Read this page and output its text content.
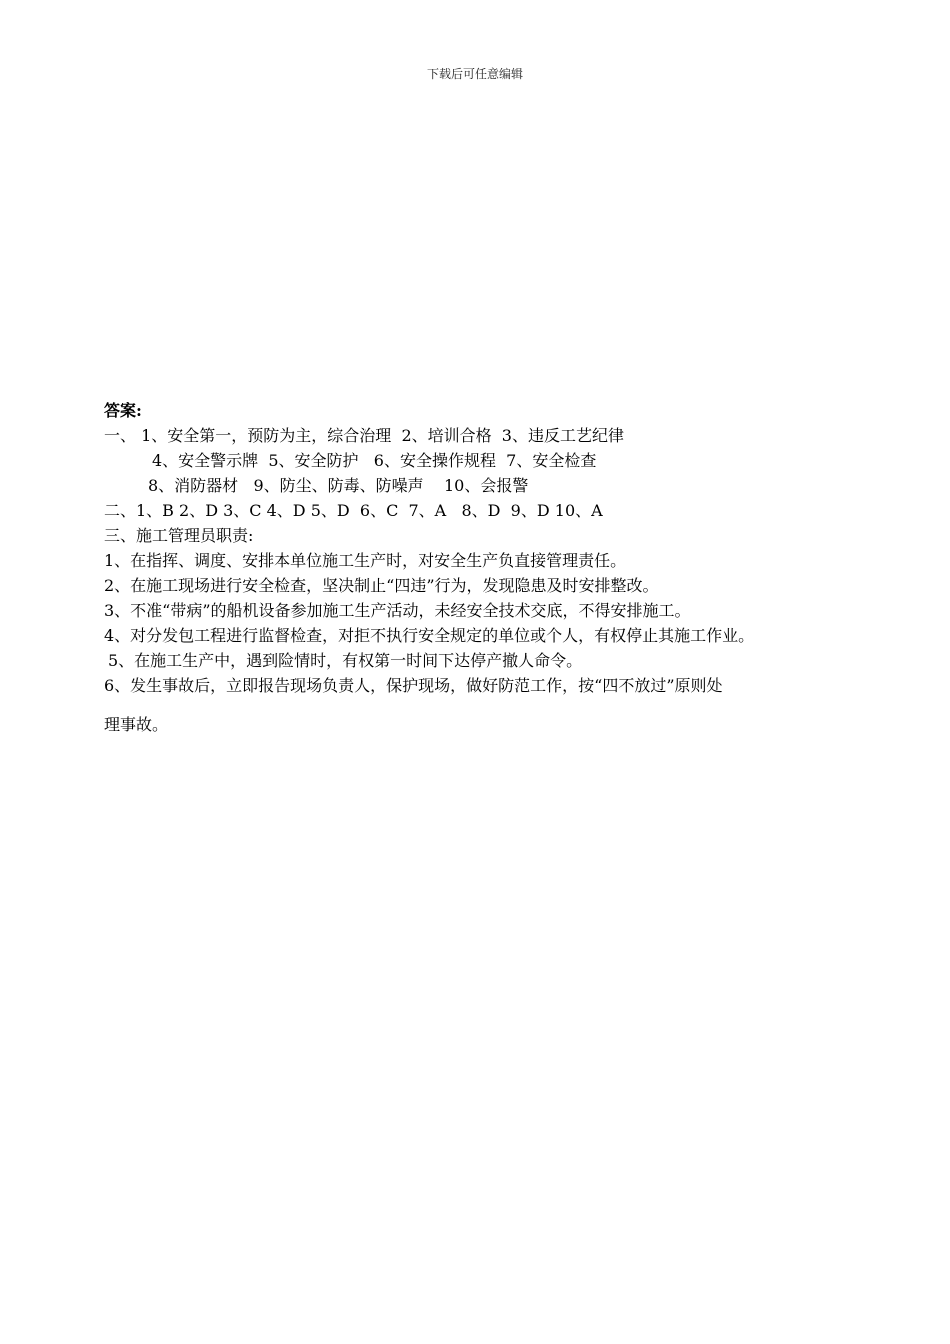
下载后可任意编辑
答案:
一、 1、安全第一，预防为主，综合治理  2、培训合格  3、违反工艺纪律
4、安全警示牌  5、安全防护   6、安全操作规程  7、安全检查
8、消防器材   9、防尘、防毒、防噪声    10、会报警
二、1、B 2、D 3、C 4、D 5、D  6、C  7、A   8、D  9、D 10、A
三、施工管理员职责:
1、在指挥、调度、安排本单位施工生产时，对安全生产负直接管理责任。
2、在施工现场进行安全检查，坚决制止“四违”行为，发现隐患及时安排整改。
3、不准“带病”的船机设备参加施工生产活动，未经安全技术交底，不得安排施工。
4、对分发包工程进行监督检查，对拒不执行安全规定的单位或个人，有权停止其施工作业。
5、在施工生产中，遇到险情时，有权第一时间下达停产撤人命令。
6、发生事故后，立即报告现场负责人，保护现场，做好防范工作，按“四不放过”原则处
理事故。
